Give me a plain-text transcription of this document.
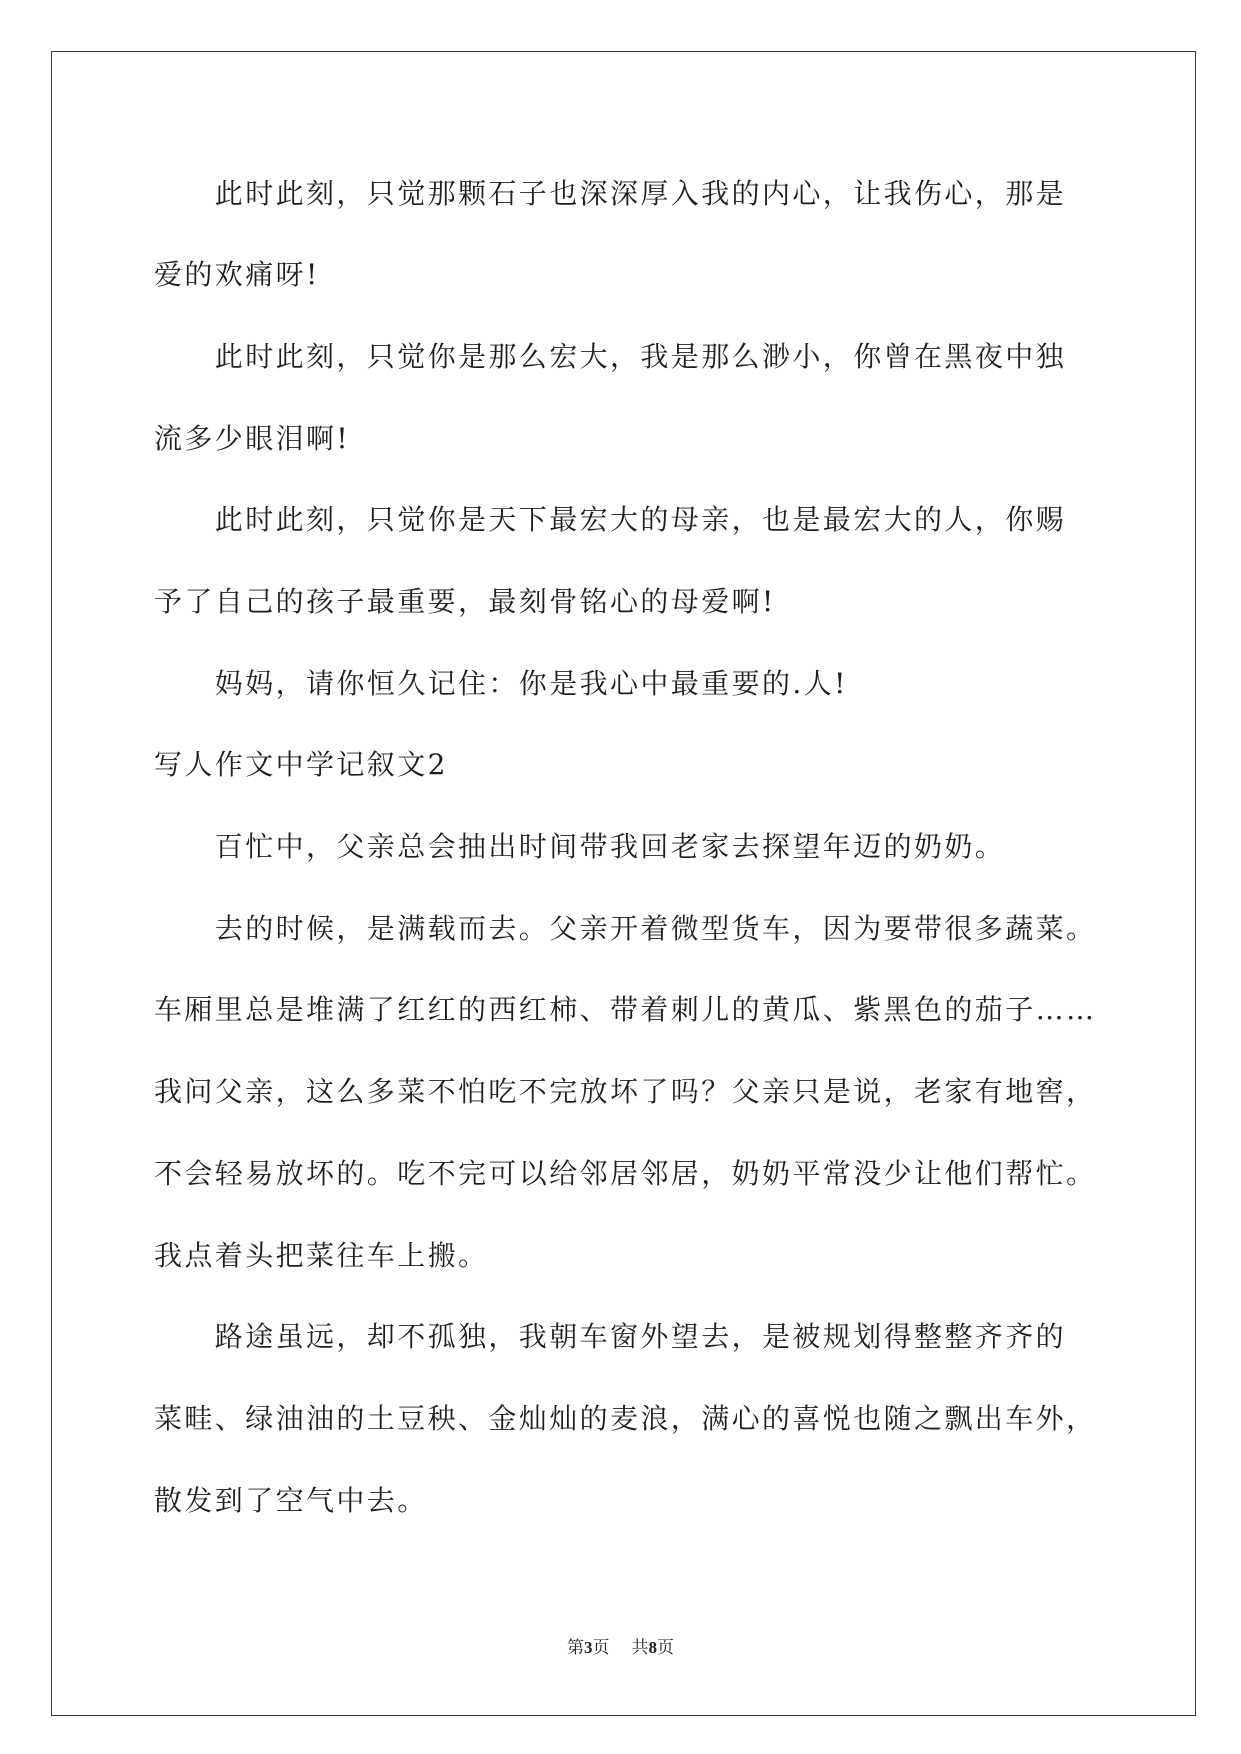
此时此刻，只觉那颗石子也深深厚入我的内心，让我伤心，那是
爱的欢痛呀!
此时此刻，只觉你是那么宏大，我是那么渺小，你曾在黑夜中独
流多少眼泪啊!
此时此刻，只觉你是天下最宏大的母亲，也是最宏大的人，你赐
予了自己的孩子最重要，最刻骨铭心的母爱啊!
妈妈，请你恒久记住：你是我心中最重要的.人!
写人作文中学记叙文2
百忙中，父亲总会抽出时间带我回老家去探望年迈的奶奶。
去的时候，是满载而去。父亲开着微型货车，因为要带很多蔬菜。
车厢里总是堆满了红红的西红柿、带着刺儿的黄瓜、紫黑色的茄子……
我问父亲，这么多菜不怕吃不完放坏了吗？父亲只是说，老家有地窖，
不会轻易放坏的。吃不完可以给邻居邻居，奶奶平常没少让他们帮忙。
我点着头把菜往车上搬。
路途虽远，却不孤独，我朝车窗外望去，是被规划得整整齐齐的
菜畦、绿油油的土豆秧、金灿灿的麦浪，满心的喜悦也随之飘出车外，
散发到了空气中去。
第3页 共8页
